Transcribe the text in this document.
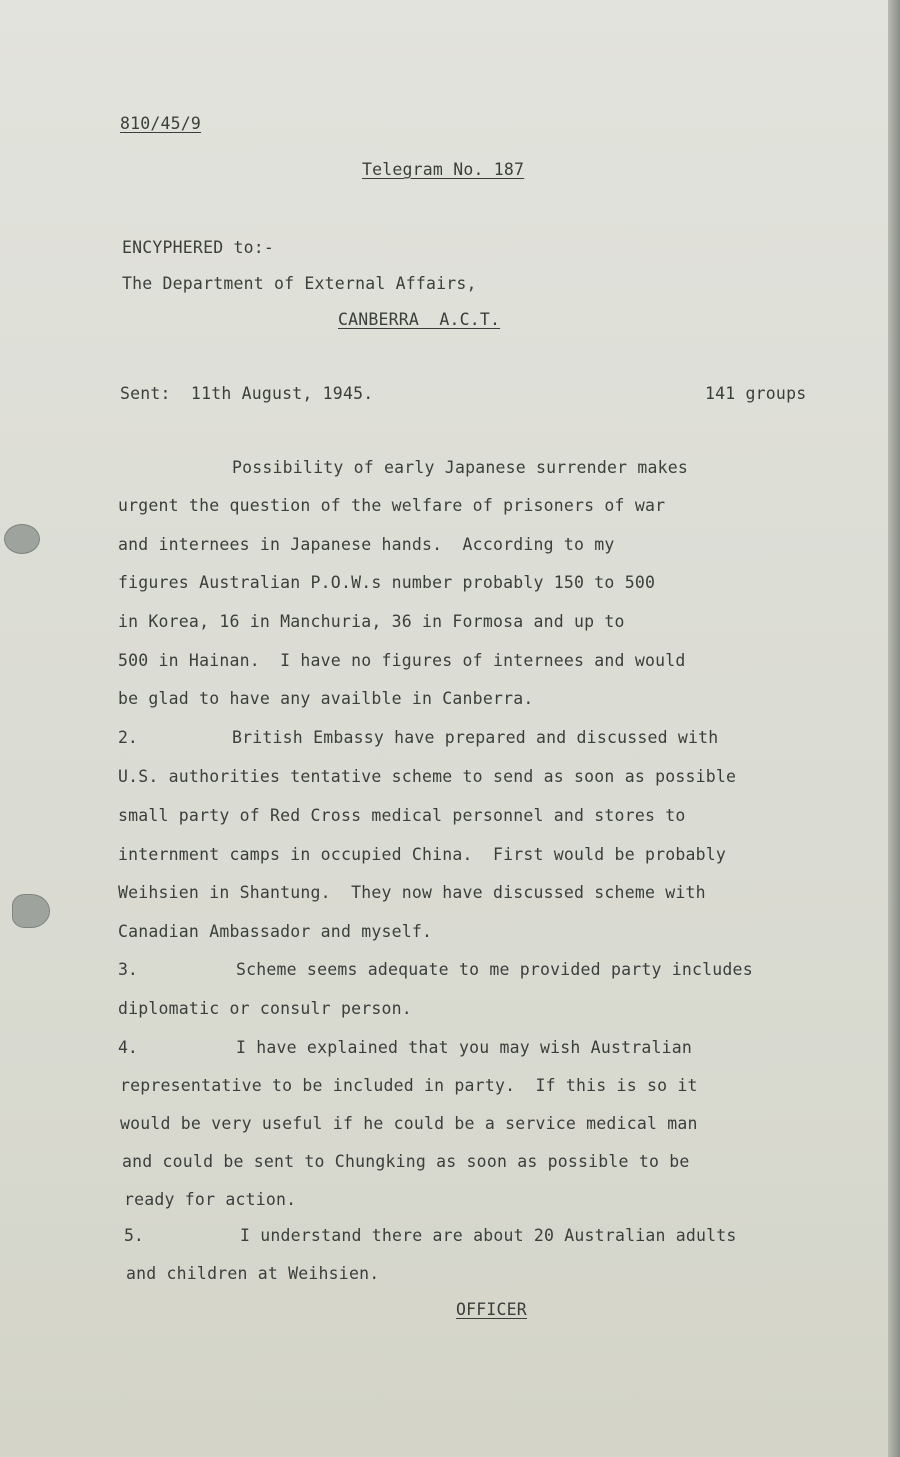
810/45/9

Telegram No. 187

ENCYPHERED to:-

The Department of External Affairs,

CANBERRA  A.C.T.

Sent:  11th August, 1945.	141 groups

Possibility of early Japanese surrender makes

urgent the question of the welfare of prisoners of war

and internees in Japanese hands.  According to my

figures Australian P.O.W.s number probably 150 to 500

in Korea, 16 in Manchuria, 36 in Formosa and up to

500 in Hainan.  I have no figures of internees and would

be glad to have any availble in Canberra.

2.	British Embassy have prepared and discussed with

U.S. authorities tentative scheme to send as soon as possible

small party of Red Cross medical personnel and stores to

internment camps in occupied China.  First would be probably

Weihsien in Shantung.  They now have discussed scheme with

Canadian Ambassador and myself.

3.	Scheme seems adequate to me provided party includes

diplomatic or consulr person.

4.	I have explained that you may wish Australian

representative to be included in party.  If this is so it

would be very useful if he could be a service medical man

and could be sent to Chungking as soon as possible to be

ready for action.

5.	I understand there are about 20 Australian adults

and children at Weihsien.

OFFICER
